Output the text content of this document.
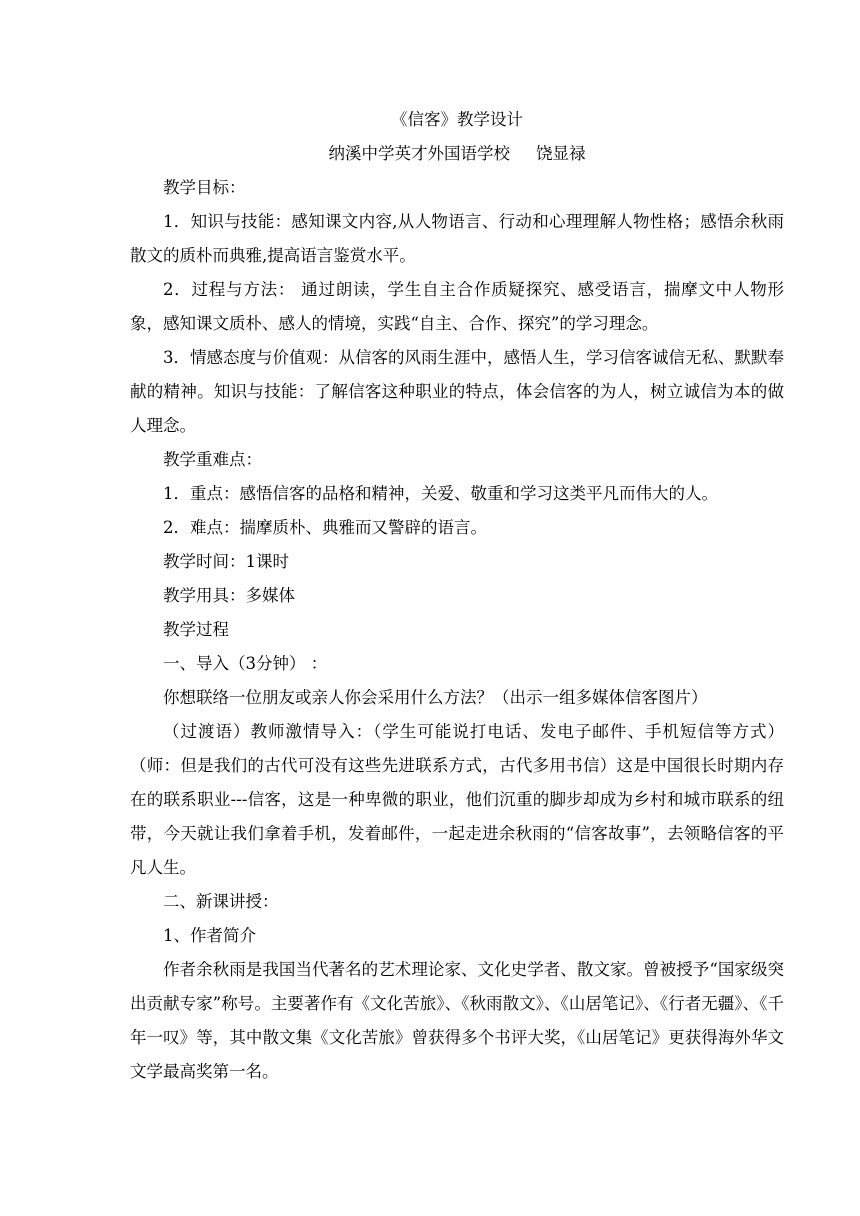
《信客》教学设计
纳溪中学英才外国语学校 饶显禄
教学目标：
1．知识与技能：感知课文内容,从人物语言、行动和心理理解人物性格；感悟余秋雨散文的质朴而典雅,提高语言鉴赏水平。
2．过程与方法： 通过朗读，学生自主合作质疑探究、感受语言，揣摩文中人物形象，感知课文质朴、感人的情境，实践“自主、合作、探究”的学习理念。
3．情感态度与价值观：从信客的风雨生涯中，感悟人生，学习信客诚信无私、默默奉献的精神。知识与技能：了解信客这种职业的特点，体会信客的为人，树立诚信为本的做人理念。
教学重难点：
1．重点：感悟信客的品格和精神，关爱、敬重和学习这类平凡而伟大的人。
2．难点：揣摩质朴、典雅而又警辟的语言。
教学时间：1课时
教学用具：多媒体
教学过程
一、导入（3分钟） ：
你想联络一位朋友或亲人你会采用什么方法？（出示一组多媒体信客图片）
（过渡语）教师激情导入：（学生可能说打电话、发电子邮件、手机短信等方式）（师：但是我们的古代可没有这些先进联系方式，古代多用书信）这是中国很长时期内存在的联系职业---信客，这是一种卑微的职业，他们沉重的脚步却成为乡村和城市联系的纽带，今天就让我们拿着手机，发着邮件，一起走进余秋雨的“信客故事”，去领略信客的平凡人生。
二、新课讲授：
1、作者简介
作者余秋雨是我国当代著名的艺术理论家、文化史学者、散文家。曾被授予“国家级突出贡献专家”称号。主要著作有《文化苦旅》、《秋雨散文》、《山居笔记》、《行者无疆》、《千年一叹》等，其中散文集《文化苦旅》曾获得多个书评大奖，《山居笔记》更获得海外华文文学最高奖第一名。
